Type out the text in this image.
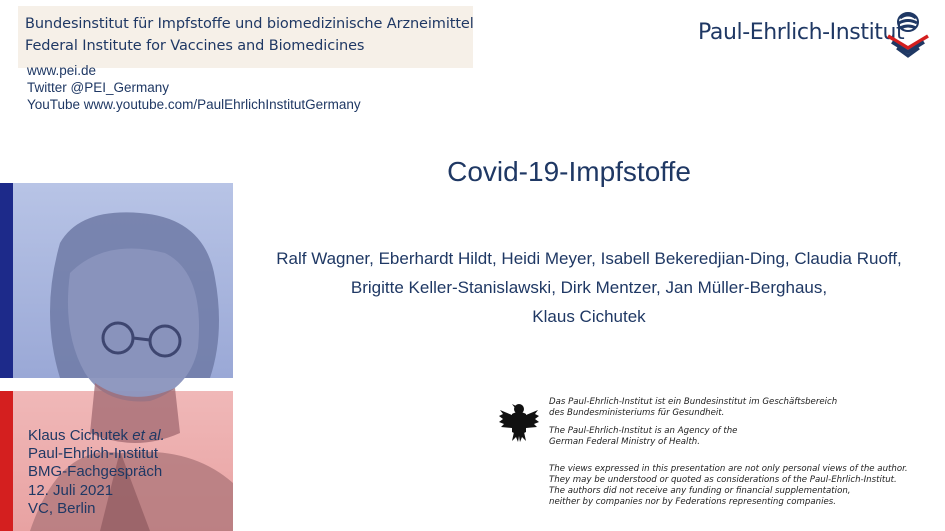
Bundesinstitut für Impfstoffe und biomedizinische Arzneimittel
Federal Institute for Vaccines and Biomedicines
www.pei.de
Twitter @PEI_Germany
YouTube www.youtube.com/PaulEhrlichInstitutGermany
Paul-Ehrlich-Institut
Covid-19-Impfstoffe
Ralf Wagner, Eberhardt Hildt, Heidi Meyer, Isabell Bekeredjian-Ding, Claudia Ruoff,
Brigitte Keller-Stanislawski, Dirk Mentzer, Jan Müller-Berghaus,
Klaus Cichutek
Klaus Cichutek et al.
Paul-Ehrlich-Institut
BMG-Fachgespräch
12. Juli 2021
VC, Berlin
Das Paul-Ehrlich-Institut ist ein Bundesinstitut im Geschäftsbereich
des Bundesministeriums für Gesundheit.
The Paul-Ehrlich-Institut is an Agency of the
German Federal Ministry of Health.
The views expressed in this presentation are not only personal views of the author.
They may be understood or quoted as considerations of the Paul-Ehrlich-Institut.
The authors did not receive any funding or financial supplementation,
neither by companies nor by Federations representing companies.
